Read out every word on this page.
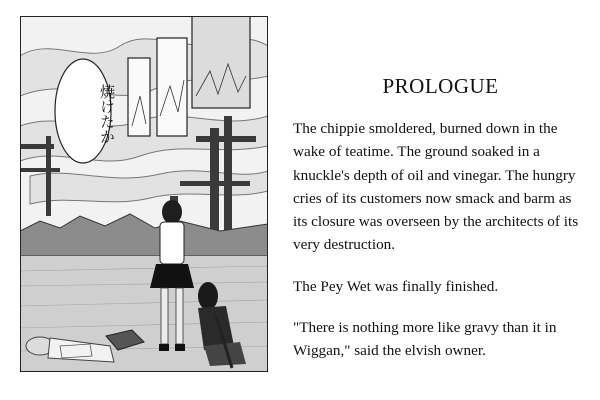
焼けたか	PROLOGUE

The chippie smoldered, burned down in the wake of teatime. The ground soaked in a knuckle's depth of oil and vinegar. The hungry cries of its customers now smack and barm as its closure was overseen by the architects of its very destruction.

The Pey Wet was finally finished.

"There is nothing more like gravy than it in Wiggan," said the elvish owner.
